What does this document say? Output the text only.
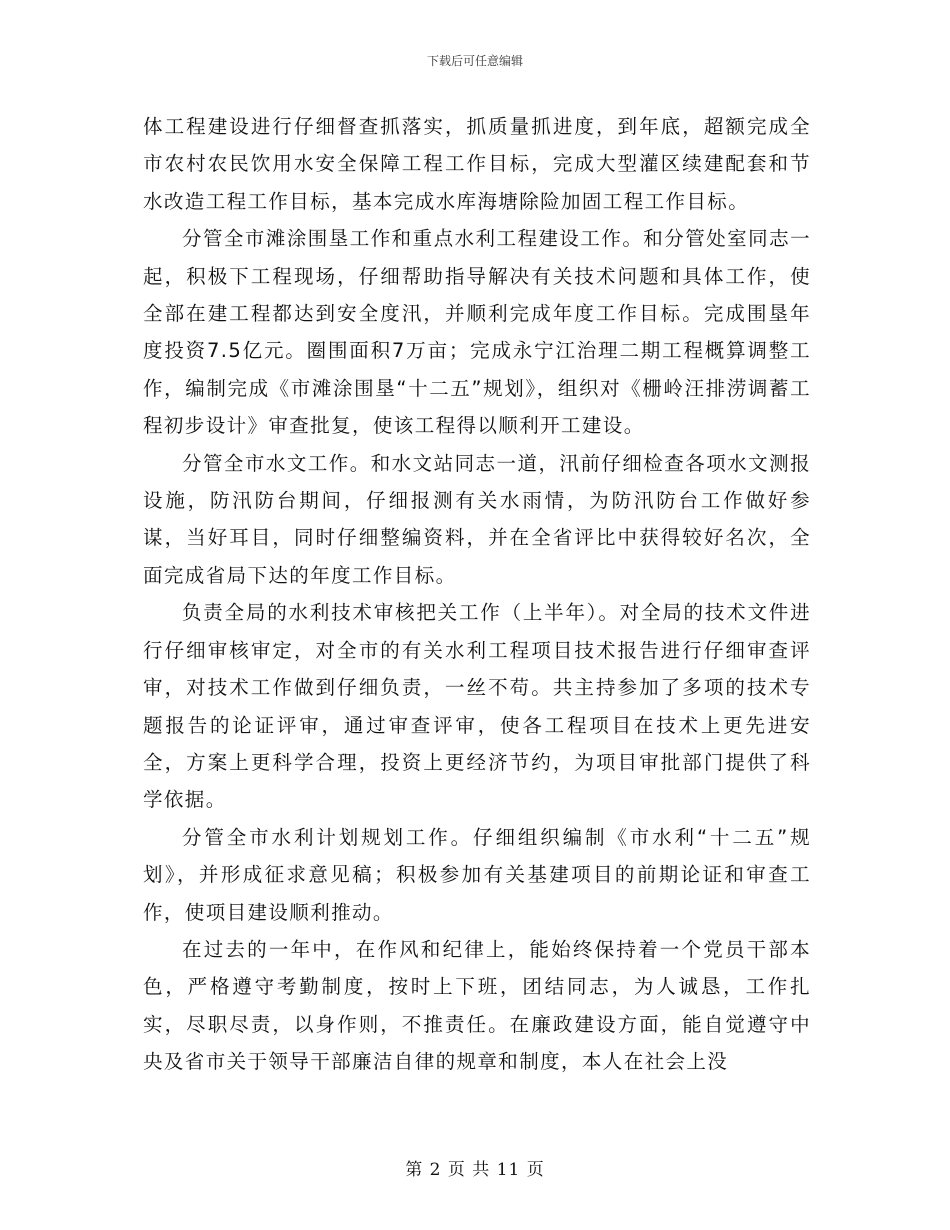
下载后可任意编辑

体工程建设进行仔细督查抓落实，抓质量抓进度，到年底，超额完成全市农村农民饮用水安全保障工程工作目标，完成大型灌区续建配套和节水改造工程工作目标，基本完成水库海塘除险加固工程工作目标。

分管全市滩涂围垦工作和重点水利工程建设工作。和分管处室同志一起，积极下工程现场，仔细帮助指导解决有关技术问题和具体工作，使全部在建工程都达到安全度汛，并顺利完成年度工作目标。完成围垦年度投资7.5亿元。圈围面积7万亩；完成永宁江治理二期工程概算调整工作，编制完成《市滩涂围垦“十二五”规划》，组织对《栅岭汪排涝调蓄工程初步设计》审查批复，使该工程得以顺利开工建设。

分管全市水文工作。和水文站同志一道，汛前仔细检查各项水文测报设施，防汛防台期间，仔细报测有关水雨情，为防汛防台工作做好参谋，当好耳目，同时仔细整编资料，并在全省评比中获得较好名次，全面完成省局下达的年度工作目标。

负责全局的水利技术审核把关工作（上半年）。对全局的技术文件进行仔细审核审定，对全市的有关水利工程项目技术报告进行仔细审查评审，对技术工作做到仔细负责，一丝不苟。共主持参加了多项的技术专题报告的论证评审，通过审查评审，使各工程项目在技术上更先进安全，方案上更科学合理，投资上更经济节约，为项目审批部门提供了科学依据。

分管全市水利计划规划工作。仔细组织编制《市水利“十二五”规划》，并形成征求意见稿；积极参加有关基建项目的前期论证和审查工作，使项目建设顺利推动。

在过去的一年中，在作风和纪律上，能始终保持着一个党员干部本色，严格遵守考勤制度，按时上下班，团结同志，为人诚恳，工作扎实，尽职尽责，以身作则，不推责任。在廉政建设方面，能自觉遵守中央及省市关于领导干部廉洁自律的规章和制度，本人在社会上没

第 2 页 共 11 页
